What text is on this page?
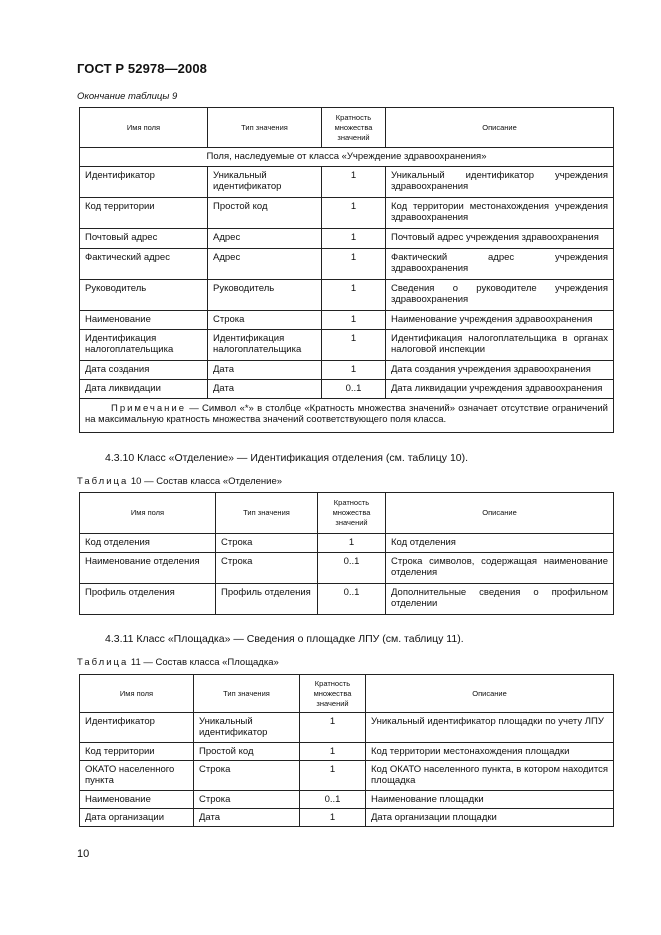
ГОСТ Р 52978—2008
Окончание таблицы 9
Имя поля	Тип значения	Кратность множества значений	Описание
Поля, наследуемые от класса «Учреждение здравоохранения»			
Идентификатор	Уникальный идентификатор	1	Уникальный идентификатор учреждения здравоохранения
Код территории	Простой код	1	Код территории местонахождения учреждения здравоохранения
Почтовый адрес	Адрес	1	Почтовый адрес учреждения здравоохранения
Фактический адрес	Адрес	1	Фактический адрес учреждения здравоохранения
Руководитель	Руководитель	1	Сведения о руководителе учреждения здравоохранения
Наименование	Строка	1	Наименование учреждения здравоохранения
Идентификация налогоплательщика	Идентификация налогоплательщика	1	Идентификация налогоплательщика в органах налоговой инспекции
Дата создания	Дата	1	Дата создания учреждения здравоохранения
Дата ликвидации	Дата	0..1	Дата ликвидации учреждения здравоохранения
Примечание — Символ «*» в столбце «Кратность множества значений» означает отсутствие ограничений на максимальную кратность множества значений соответствующего поля класса.			
4.3.10 Класс «Отделение» — Идентификация отделения (см. таблицу 10).
Таблица 10 — Состав класса «Отделение»
Имя поля	Тип значения	Кратность множества значений	Описание
Код отделения	Строка	1	Код отделения
Наименование отделения	Строка	0..1	Строка символов, содержащая наименование отделения
Профиль отделения	Профиль отделения	0..1	Дополнительные сведения о профильном отделении
4.3.11 Класс «Площадка» — Сведения о площадке ЛПУ (см. таблицу 11).
Таблица 11 — Состав класса «Площадка»
Имя поля	Тип значения	Кратность множества значений	Описание
Идентификатор	Уникальный идентификатор	1	Уникальный идентификатор площадки по учету ЛПУ
Код территории	Простой код	1	Код территории местонахождения площадки
ОКАТО населенного пункта	Строка	1	Код ОКАТО населенного пункта, в котором находится площадка
Наименование	Строка	0..1	Наименование площадки
Дата организации	Дата	1	Дата организации площадки
10
